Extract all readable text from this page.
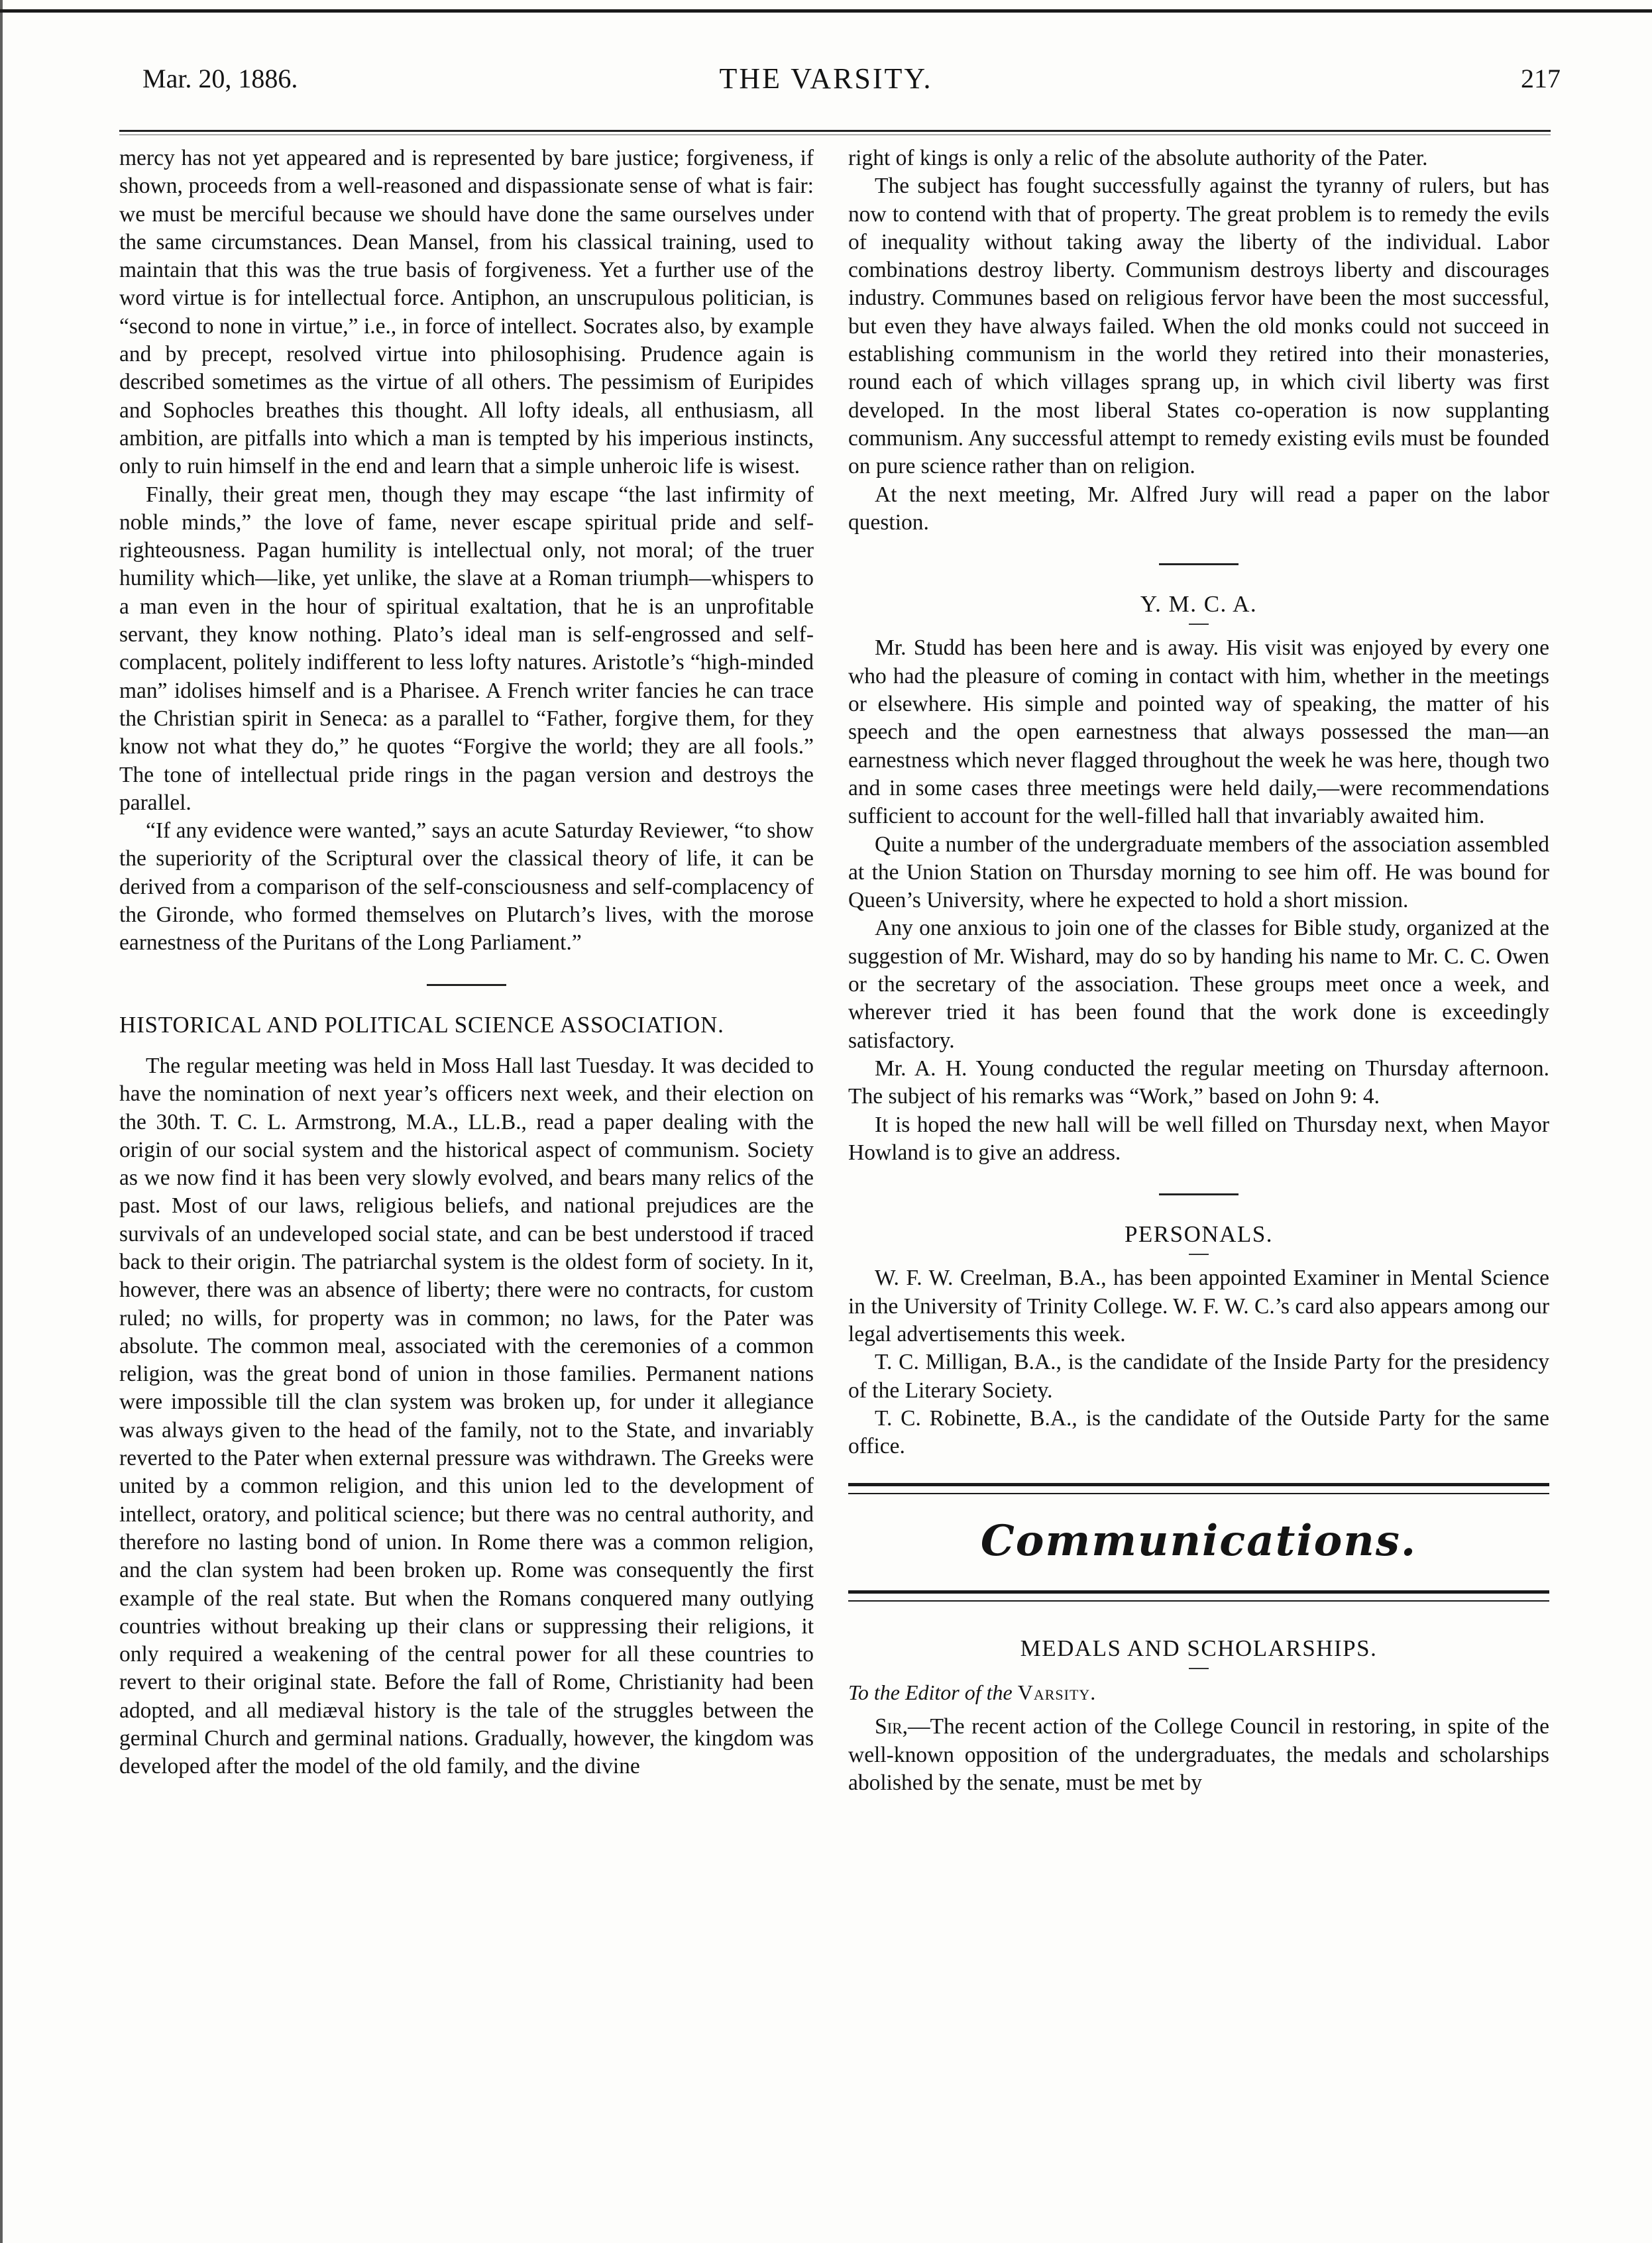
Mar. 20, 1886.	THE VARSITY.	217

mercy has not yet appeared and is represented by bare justice; forgiveness, if shown, proceeds from a well-reasoned and dispassionate sense of what is fair: we must be merciful because we should have done the same ourselves under the same circumstances. Dean Mansel, from his classical training, used to maintain that this was the true basis of forgiveness. Yet a further use of the word virtue is for intellectual force. Antiphon, an unscrupulous politician, is “second to none in virtue,” i.e., in force of intellect. Socrates also, by example and by precept, resolved virtue into philosophising. Prudence again is described sometimes as the virtue of all others. The pessimism of Euripides and Sophocles breathes this thought. All lofty ideals, all enthusiasm, all ambition, are pitfalls into which a man is tempted by his imperious instincts, only to ruin himself in the end and learn that a simple unheroic life is wisest.

Finally, their great men, though they may escape “the last infirmity of noble minds,” the love of fame, never escape spiritual pride and self-righteousness. Pagan humility is intellectual only, not moral; of the truer humility which—like, yet unlike, the slave at a Roman triumph—whispers to a man even in the hour of spiritual exaltation, that he is an unprofitable servant, they know nothing. Plato’s ideal man is self-engrossed and self-complacent, politely indifferent to less lofty natures. Aristotle’s “high-minded man” idolises himself and is a Pharisee. A French writer fancies he can trace the Christian spirit in Seneca: as a parallel to “Father, forgive them, for they know not what they do,” he quotes “Forgive the world; they are all fools.” The tone of intellectual pride rings in the pagan version and destroys the parallel.

“If any evidence were wanted,” says an acute Saturday Reviewer, “to show the superiority of the Scriptural over the classical theory of life, it can be derived from a comparison of the self-consciousness and self-complacency of the Gironde, who formed themselves on Plutarch’s lives, with the morose earnestness of the Puritans of the Long Parliament.”

HISTORICAL AND POLITICAL SCIENCE ASSOCIATION.

The regular meeting was held in Moss Hall last Tuesday. It was decided to have the nomination of next year’s officers next week, and their election on the 30th. T. C. L. Armstrong, M.A., LL.B., read a paper dealing with the origin of our social system and the historical aspect of communism. Society as we now find it has been very slowly evolved, and bears many relics of the past. Most of our laws, religious beliefs, and national prejudices are the survivals of an undeveloped social state, and can be best understood if traced back to their origin. The patriarchal system is the oldest form of society. In it, however, there was an absence of liberty; there were no contracts, for custom ruled; no wills, for property was in common; no laws, for the Pater was absolute. The common meal, associated with the ceremonies of a common religion, was the great bond of union in those families. Permanent nations were impossible till the clan system was broken up, for under it allegiance was always given to the head of the family, not to the State, and invariably reverted to the Pater when external pressure was withdrawn. The Greeks were united by a common religion, and this union led to the development of intellect, oratory, and political science; but there was no central authority, and therefore no lasting bond of union. In Rome there was a common religion, and the clan system had been broken up. Rome was consequently the first example of the real state. But when the Romans conquered many outlying countries without breaking up their clans or suppressing their religions, it only required a weakening of the central power for all these countries to revert to their original state. Before the fall of Rome, Christianity had been adopted, and all mediæval history is the tale of the struggles between the germinal Church and germinal nations. Gradually, however, the kingdom was developed after the model of the old family, and the divine

right of kings is only a relic of the absolute authority of the Pater.

The subject has fought successfully against the tyranny of rulers, but has now to contend with that of property. The great problem is to remedy the evils of inequality without taking away the liberty of the individual. Labor combinations destroy liberty. Communism destroys liberty and discourages industry. Communes based on religious fervor have been the most successful, but even they have always failed. When the old monks could not succeed in establishing communism in the world they retired into their monasteries, round each of which villages sprang up, in which civil liberty was first developed. In the most liberal States co-operation is now supplanting communism. Any successful attempt to remedy existing evils must be founded on pure science rather than on religion.

At the next meeting, Mr. Alfred Jury will read a paper on the labor question.

Y. M. C. A.

Mr. Studd has been here and is away. His visit was enjoyed by every one who had the pleasure of coming in contact with him, whether in the meetings or elsewhere. His simple and pointed way of speaking, the matter of his speech and the open earnestness that always possessed the man—an earnestness which never flagged throughout the week he was here, though two and in some cases three meetings were held daily,—were recommendations sufficient to account for the well-filled hall that invariably awaited him.

Quite a number of the undergraduate members of the association assembled at the Union Station on Thursday morning to see him off. He was bound for Queen’s University, where he expected to hold a short mission.

Any one anxious to join one of the classes for Bible study, organized at the suggestion of Mr. Wishard, may do so by handing his name to Mr. C. C. Owen or the secretary of the association. These groups meet once a week, and wherever tried it has been found that the work done is exceedingly satisfactory.

Mr. A. H. Young conducted the regular meeting on Thursday afternoon. The subject of his remarks was “Work,” based on John 9: 4.

It is hoped the new hall will be well filled on Thursday next, when Mayor Howland is to give an address.

PERSONALS.

W. F. W. Creelman, B.A., has been appointed Examiner in Mental Science in the University of Trinity College. W. F. W. C.’s card also appears among our legal advertisements this week.

T. C. Milligan, B.A., is the candidate of the Inside Party for the presidency of the Literary Society.

T. C. Robinette, B.A., is the candidate of the Outside Party for the same office.

Communications.
MEDALS AND SCHOLARSHIPS.

To the Editor of the Varsity.

Sir,—The recent action of the College Council in restoring, in spite of the well-known opposition of the undergraduates, the medals and scholarships abolished by the senate, must be met by
